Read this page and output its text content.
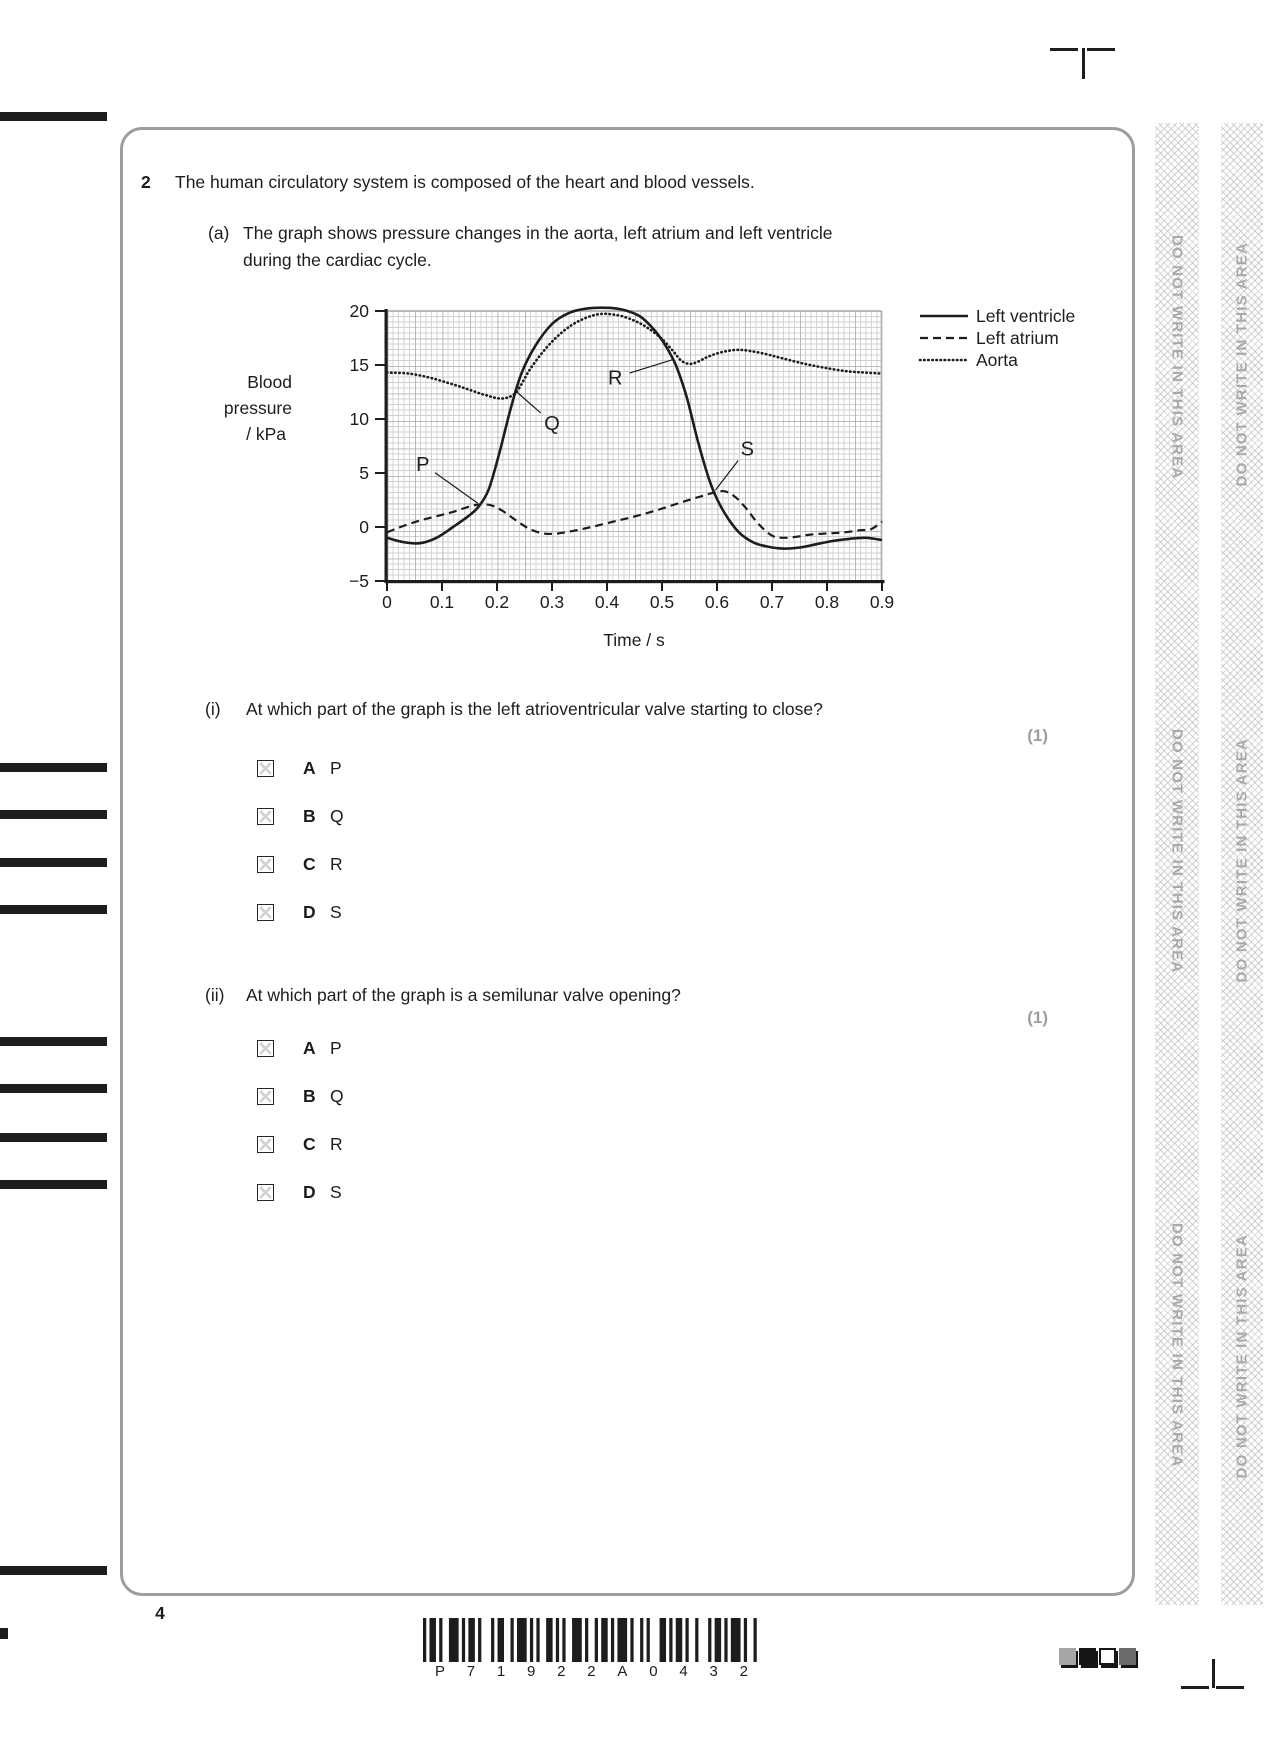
DO NOT WRITE IN THIS AREA
DO NOT WRITE IN THIS AREA
DO NOT WRITE IN THIS AREA
DO NOT WRITE IN THIS AREA
DO NOT WRITE IN THIS AREA
DO NOT WRITE IN THIS AREA
2 The human circulatory system is composed of the heart and blood vessels.
(a) The graph shows pressure changes in the aorta, left atrium and left ventricle
during the cardiac cycle.
20
15
10
5
0
−5
0 0.1 0.2 0.3 0.4 0.5 0.6 0.7 0.8 0.9
Blood
pressure
/ kPa
Time / s
P
Q
R
S
Left ventricle
Left atrium
Aorta
(i) At which part of the graph is the left atrioventricular valve starting to close?
(1)
A P
B Q
C R
D S
(ii) At which part of the graph is a semilunar valve opening?
(1)
A P
B Q
C R
D S
4
P 7 1 9 2 2 A 0 4 3 2
